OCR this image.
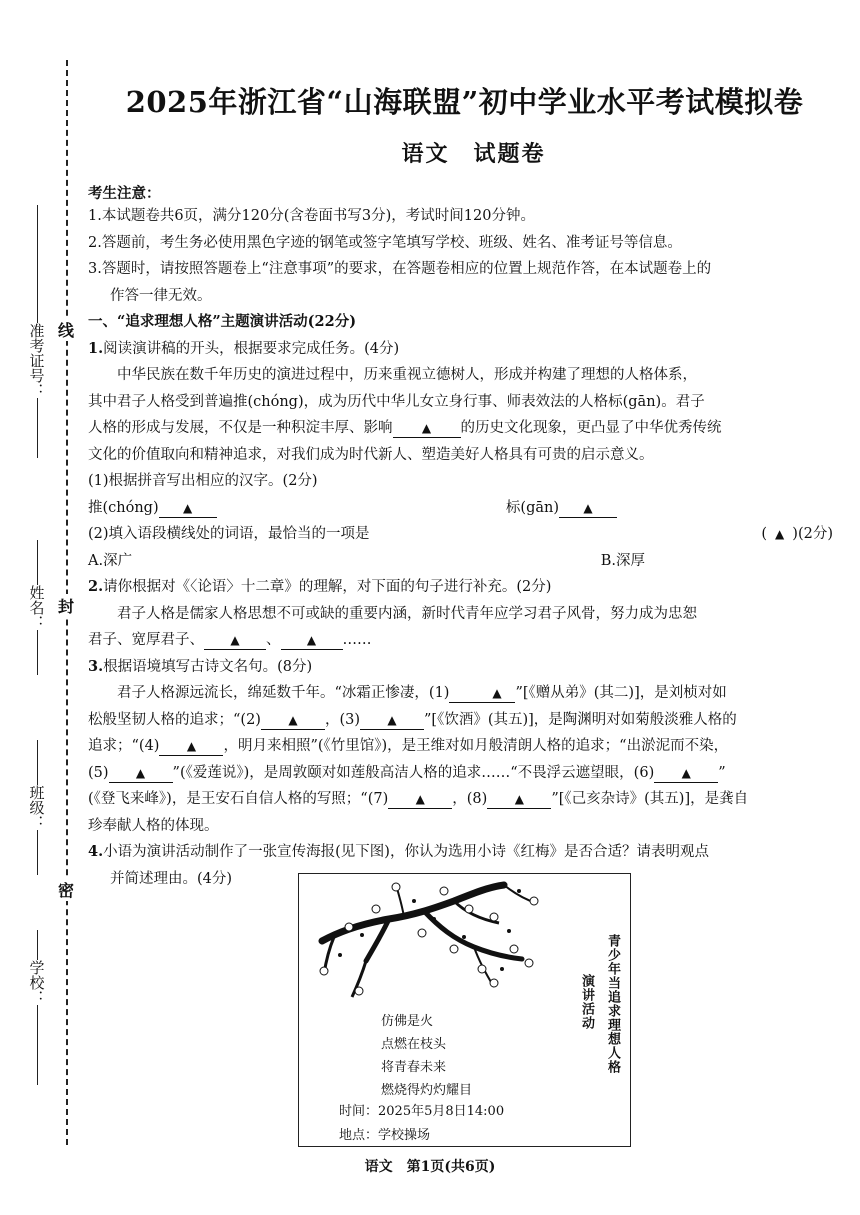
线
封
密
准考证号：
姓名：
班级：
学校：
2025年浙江省“山海联盟”初中学业水平考试模拟卷
语文　试题卷
考生注意：

1.本试题卷共6页，满分120分(含卷面书写3分)，考试时间120分钟。

2.答题前，考生务必使用黑色字迹的钢笔或签字笔填写学校、班级、姓名、准考证号等信息。

3.答题时，请按照答题卷上“注意事项”的要求，在答题卷相应的位置上规范作答，在本试题卷上的

作答一律无效。

一、“追求理想人格”主题演讲活动(22分)

1.阅读演讲稿的开头，根据要求完成任务。(4分)

中华民族在数千年历史的演进过程中，历来重视立德树人，形成并构建了理想的人格体系，

其中君子人格受到普遍推(chóng)，成为历代中华儿女立身行事、师表效法的人格标(gān)。君子

人格的形成与发展，不仅是一种积淀丰厚、影响 ▲ 的历史文化现象，更凸显了中华优秀传统

文化的价值取向和精神追求，对我们成为时代新人、塑造美好人格具有可贵的启示意义。

(1)根据拼音写出相应的汉字。(2分)

推(chóng) ▲	标(gān) ▲
(2)填入语段横线处的词语，最恰当的一项是	( ▲ )(2分)
A.深广	B.深厚

2.请你根据对《〈论语〉十二章》的理解，对下面的句子进行补充。(2分)

君子人格是儒家人格思想不可或缺的重要内涵，新时代青年应学习君子风骨，努力成为忠恕

君子、宽厚君子、 ▲ 、 ▲ ……

3.根据语境填写古诗文名句。(8分)

君子人格源远流长，绵延数千年。“冰霜正惨凄，(1)	▲ ”[《赠从弟》(其二)]，是刘桢对如

松般坚韧人格的追求；“(2) ▲ ，(3) ▲ ”[《饮酒》(其五)]，是陶渊明对如菊般淡雅人格的

追求；“(4) ▲ ，明月来相照”(《竹里馆》)，是王维对如月般清朗人格的追求；“出淤泥而不染，

(5) ▲ ”(《爱莲说》)，是周敦颐对如莲般高洁人格的追求……“不畏浮云遮望眼，(6) ▲ ”

(《登飞来峰》)，是王安石自信人格的写照；“(7) ▲ ，(8) ▲ ”[《己亥杂诗》(其五)]，是龚自

珍奉献人格的体现。

4.小语为演讲活动制作了一张宣传海报(见下图)，你认为选用小诗《红梅》是否合适？请表明观点

并简述理由。(4分)

青少年当追求理想人格
演讲活动
仿佛是火
点燃在枝头
将青春未来
燃烧得灼灼耀目
时间：2025年5月8日14:00
地点：学校操场
语文　第1页(共6页)
